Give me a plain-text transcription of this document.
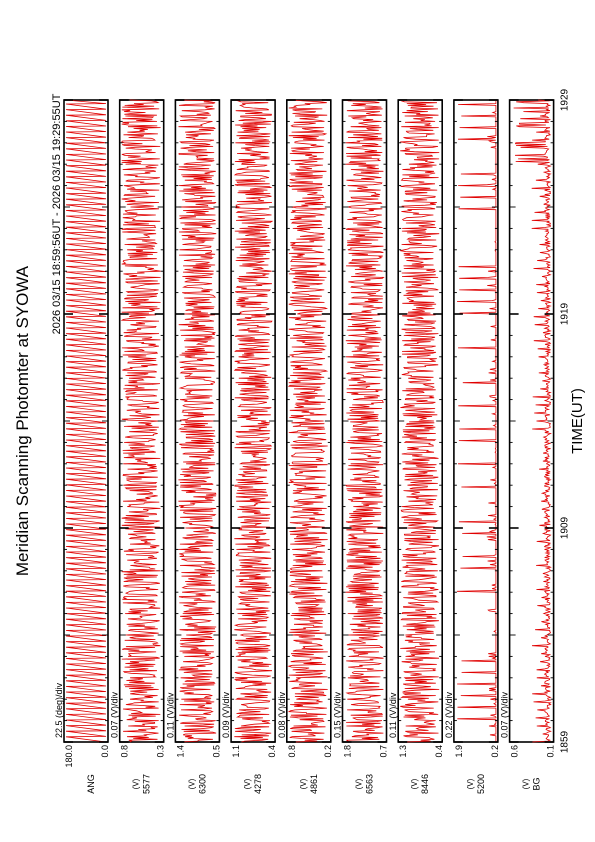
Meridian Scanning Photomter at SYOWA
2026 03/15 18:59:56UT - 2026 03/15 19:29:55UT
180.0	0.0
ANG
22.5 (deg)/div
0.8	0.3
5577
(V)
0.07 (V)/div
1.4	0.5
6300
(V)
0.11 (V)/div
1.1	0.4
4278
(V)
0.09 (V)/div
0.8	0.2
4861
(V)
0.08 (V)/div
1.8	0.7
6563
(V)
0.15 (V)/div
1.3	0.4
8446
(V)
0.11 (V)/div
1.9	0.2
5200
(V)
0.22 (V)/div
0.6	0.1
BG
(V)
0.07 (V)/div
1859
1909
1919
1929
TIME(UT)
